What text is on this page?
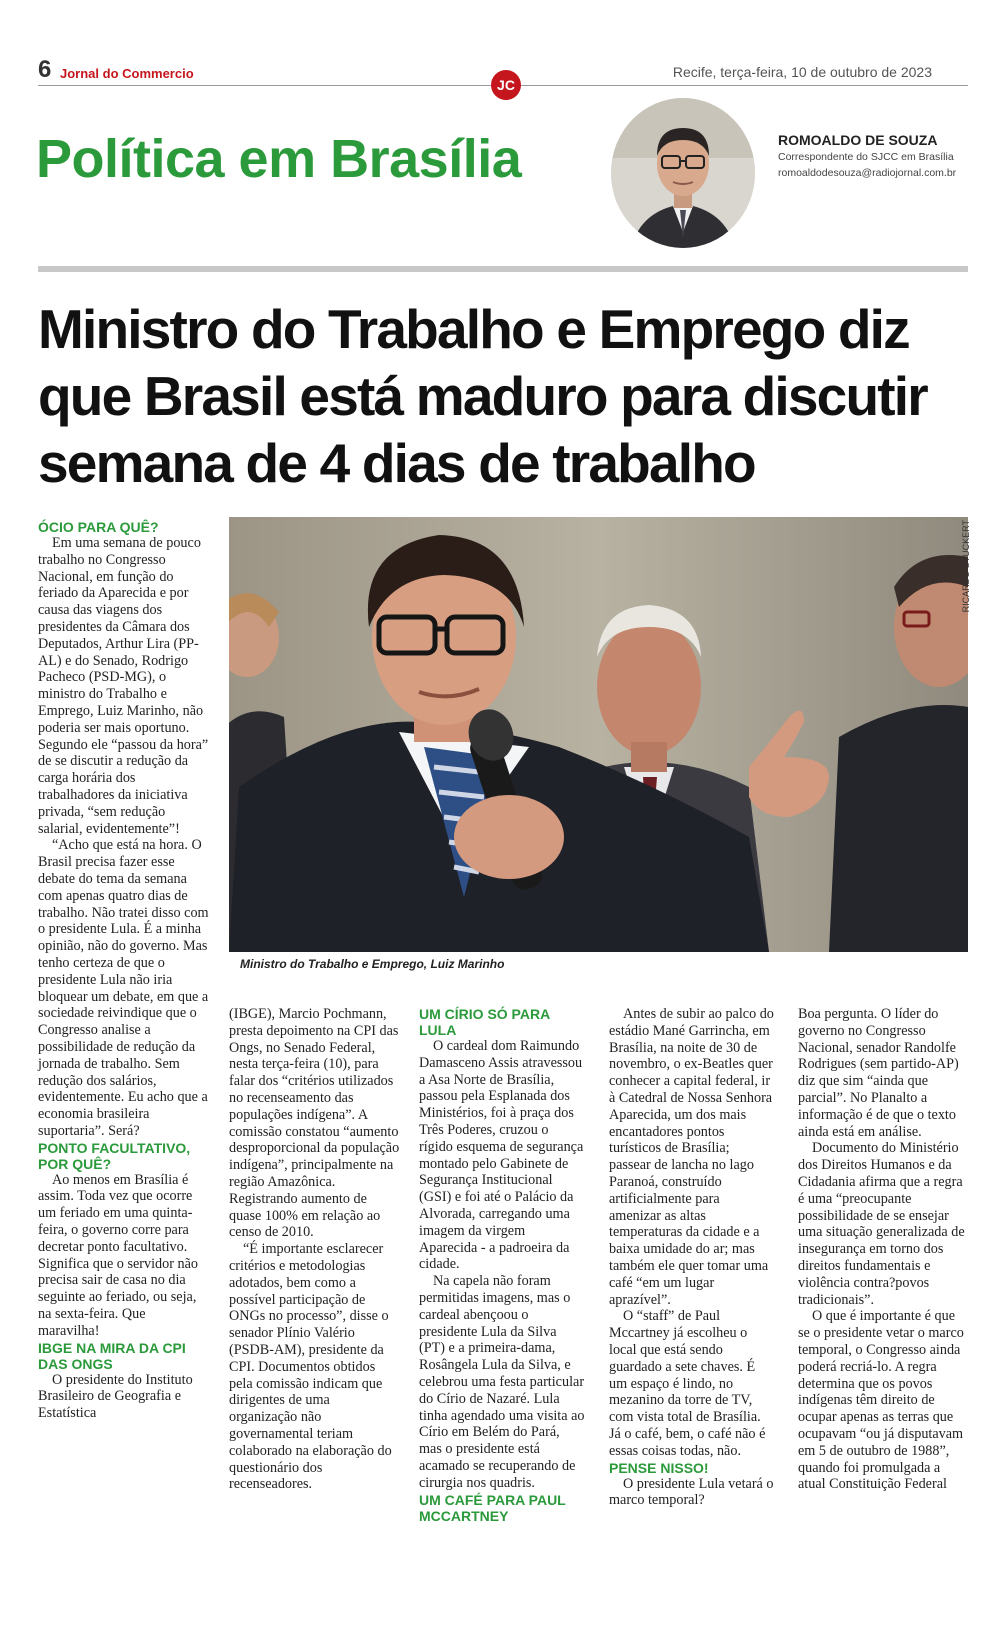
6 Jornal do Commercio	Recife, terça-feira, 10 de outubro de 2023
JC
Política em Brasília	ROMOALDO DE SOUZA
Correspondente do SJCC em Brasília
romoaldodesouza@radiojornal.com.br
Ministro do Trabalho e Emprego diz que Brasil está maduro para discutir semana de 4 dias de trabalho
RICARDO STUCKERT
Ministro do Trabalho e Emprego, Luiz Marinho
ÓCIO PARA QUÊ?

Em uma semana de pouco trabalho no Congresso Nacional, em função do feriado da Aparecida e por causa das viagens dos presidentes da Câmara dos Deputados, Arthur Lira (PP-AL) e do Senado, Rodrigo Pacheco (PSD-MG), o ministro do Trabalho e Emprego, Luiz Marinho, não poderia ser mais oportuno. Segundo ele “passou da hora” de se discutir a redução da carga horária dos trabalhadores da iniciativa privada, “sem redução salarial, evidentemente”!

“Acho que está na hora. O Brasil precisa fazer esse debate do tema da semana com apenas quatro dias de trabalho. Não tratei disso com o presidente Lula. É a minha opinião, não do governo. Mas tenho certeza de que o presidente Lula não iria bloquear um debate, em que a sociedade reivindique que o Congresso analise a possibilidade de redução da jornada de trabalho. Sem redução dos salários, evidentemente. Eu acho que a economia brasileira suportaria”. Será?

PONTO FACULTATIVO, POR QUÊ?

Ao menos em Brasília é assim. Toda vez que ocorre um feriado em uma quinta-feira, o governo corre para decretar ponto facultativo. Significa que o servidor não precisa sair de casa no dia seguinte ao feriado, ou seja, na sexta-feira. Que maravilha!

IBGE NA MIRA DA CPI DAS ONGS

O presidente do Instituto Brasileiro de Geografia e Estatística

(IBGE), Marcio Pochmann, presta depoimento na CPI das Ongs, no Senado Federal, nesta terça-feira (10), para falar dos “critérios utilizados no recenseamento das populações indígena”. A comissão constatou “aumento desproporcional da população indígena”, principalmente na região Amazônica. Registrando aumento de quase 100% em relação ao censo de 2010.

“É importante esclarecer critérios e metodologias adotados, bem como a possível participação de ONGs no processo”, disse o senador Plínio Valério (PSDB-AM), presidente da CPI. Documentos obtidos pela comissão indicam que dirigentes de uma organização não governamental teriam colaborado na elaboração do questionário dos recenseadores.

UM CÍRIO SÓ PARA LULA

O cardeal dom Raimundo Damasceno Assis atravessou a Asa Norte de Brasília, passou pela Esplanada dos Ministérios, foi à praça dos Três Poderes, cruzou o rígido esquema de segurança montado pelo Gabinete de Segurança Institucional (GSI) e foi até o Palácio da Alvorada, carregando uma imagem da virgem Aparecida - a padroeira da cidade.

Na capela não foram permitidas imagens, mas o cardeal abençoou o presidente Lula da Silva (PT) e a primeira-dama, Rosângela Lula da Silva, e celebrou uma festa particular do Círio de Nazaré. Lula tinha agendado uma visita ao Círio em Belém do Pará, mas o presidente está acamado se recuperando de cirurgia nos quadris.

UM CAFÉ PARA PAUL MCCARTNEY

Antes de subir ao palco do estádio Mané Garrincha, em Brasília, na noite de 30 de novembro, o ex-Beatles quer conhecer a capital federal, ir à Catedral de Nossa Senhora Aparecida, um dos mais encantadores pontos turísticos de Brasília; passear de lancha no lago Paranoá, construído artificialmente para amenizar as altas temperaturas da cidade e a baixa umidade do ar; mas também ele quer tomar uma café “em um lugar aprazível”.

O “staff” de Paul Mccartney já escolheu o local que está sendo guardado a sete chaves. É um espaço é lindo, no mezanino da torre de TV, com vista total de Brasília. Já o café, bem, o café não é essas coisas todas, não.

PENSE NISSO!

O presidente Lula vetará o marco temporal?

Boa pergunta. O líder do governo no Congresso Nacional, senador Randolfe Rodrigues (sem partido-AP) diz que sim “ainda que parcial”. No Planalto a informação é de que o texto ainda está em análise.

Documento do Ministério dos Direitos Humanos e da Cidadania afirma que a regra é uma “preocupante possibilidade de se ensejar uma situação generalizada de insegurança em torno dos direitos fundamentais e violência contra?povos tradicionais”.

O que é importante é que se o presidente vetar o marco temporal, o Congresso ainda poderá recriá-lo. A regra determina que os povos indígenas têm direito de ocupar apenas as terras que ocupavam “ou já disputavam em 5 de outubro de 1988”, quando foi promulgada a atual Constituição Federal
